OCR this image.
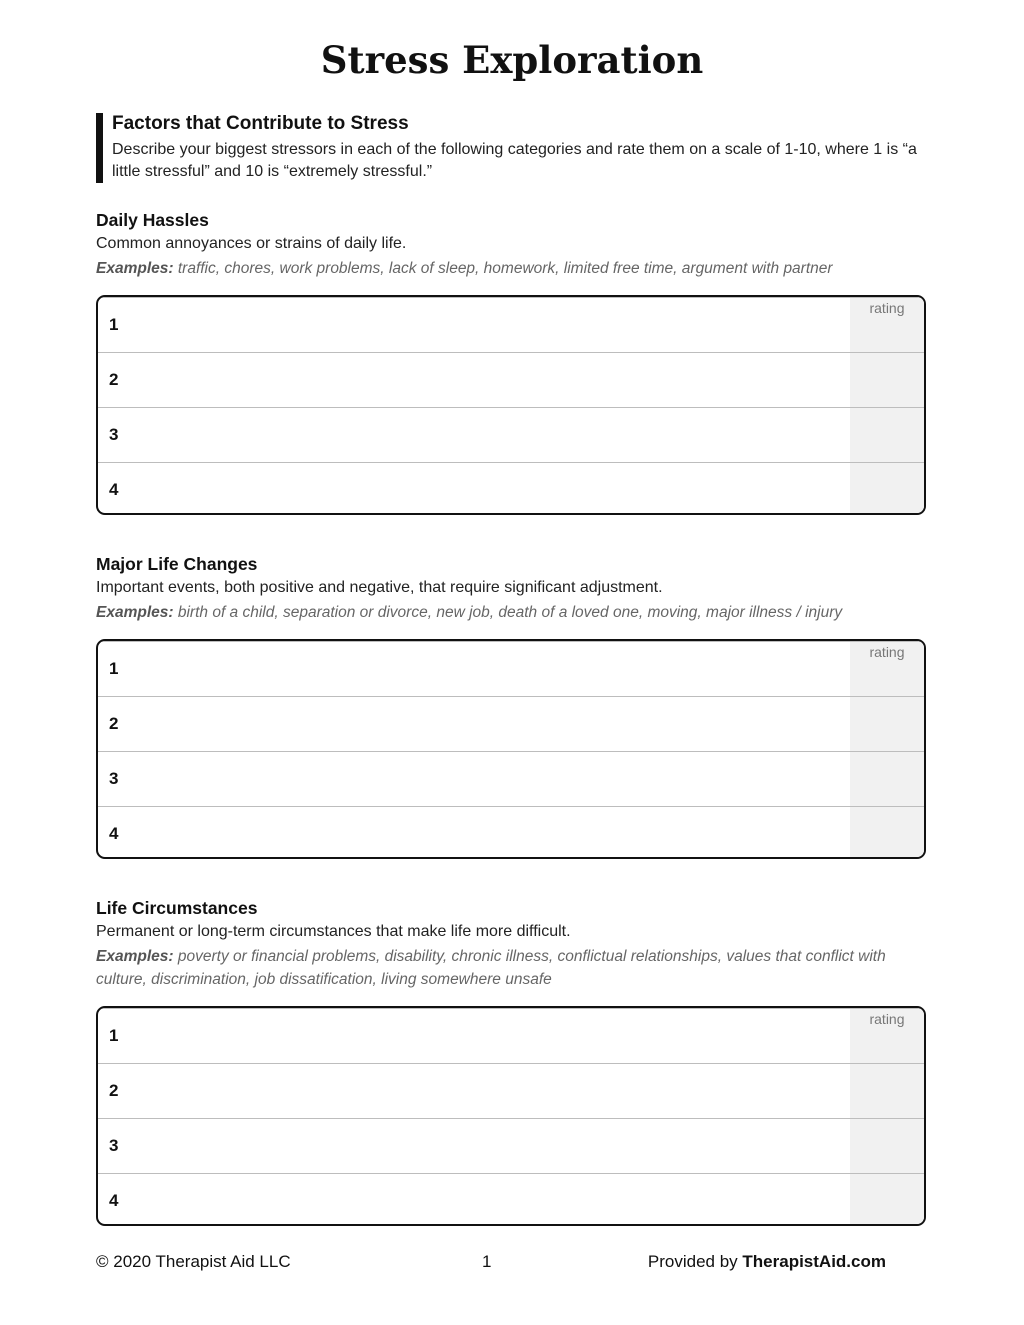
Stress Exploration
Factors that Contribute to Stress

Describe your biggest stressors in each of the following categories and rate them on a scale of 1-10, where 1 is “a little stressful” and 10 is “extremely stressful.”

Daily Hassles

Common annoyances or strains of daily life.

Examples: traffic, chores, work problems, lack of sleep, homework, limited free time, argument with partner

rating
1
2
3
4
Major Life Changes

Important events, both positive and negative, that require significant adjustment.

Examples: birth of a child, separation or divorce, new job, death of a loved one, moving, major illness / injury

rating
1
2
3
4
Life Circumstances

Permanent or long-term circumstances that make life more difficult.

Examples: poverty or financial problems, disability, chronic illness, conflictual relationships, values that conflict with culture, discrimination, job dissatification, living somewhere unsafe

rating
1
2
3
4
© 2020 Therapist Aid LLC	1	Provided by TherapistAid.com
